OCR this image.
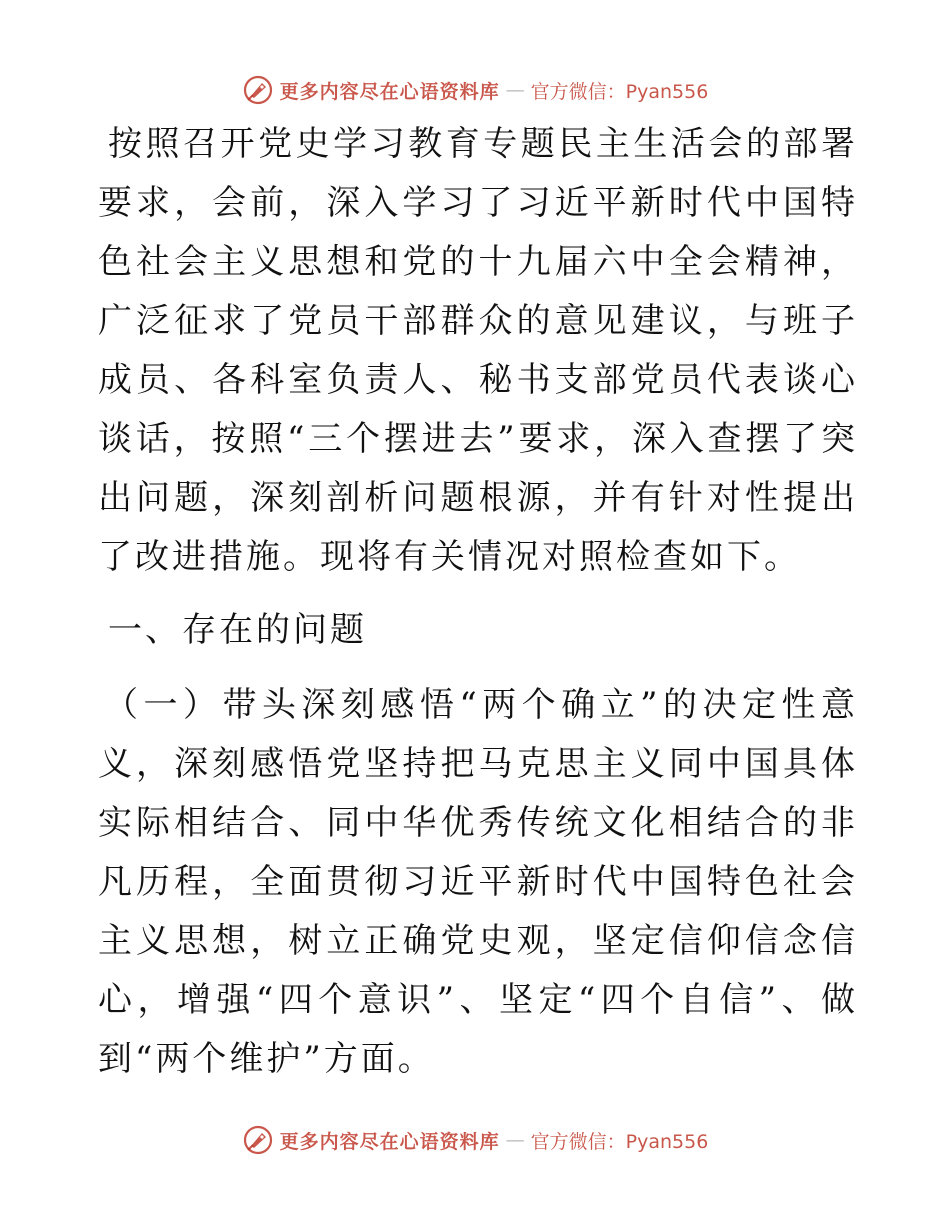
更多内容尽在心语资料库 — 官方微信：Pyan556

按照召开党史学习教育专题民主生活会的部署要求，会前，深入学习了习近平新时代中国特色社会主义思想和党的十九届六中全会精神，广泛征求了党员干部群众的意见建议，与班子成员、各科室负责人、秘书支部党员代表谈心谈话，按照“三个摆进去”要求，深入查摆了突出问题，深刻剖析问题根源，并有针对性提出了改进措施。现将有关情况对照检查如下。

一、存在的问题

（一）带头深刻感悟“两个确立”的决定性意义，深刻感悟党坚持把马克思主义同中国具体实际相结合、同中华优秀传统文化相结合的非凡历程，全面贯彻习近平新时代中国特色社会主义思想，树立正确党史观，坚定信仰信念信心，增强“四个意识”、坚定“四个自信”、做到“两个维护”方面。

更多内容尽在心语资料库 — 官方微信：Pyan556
